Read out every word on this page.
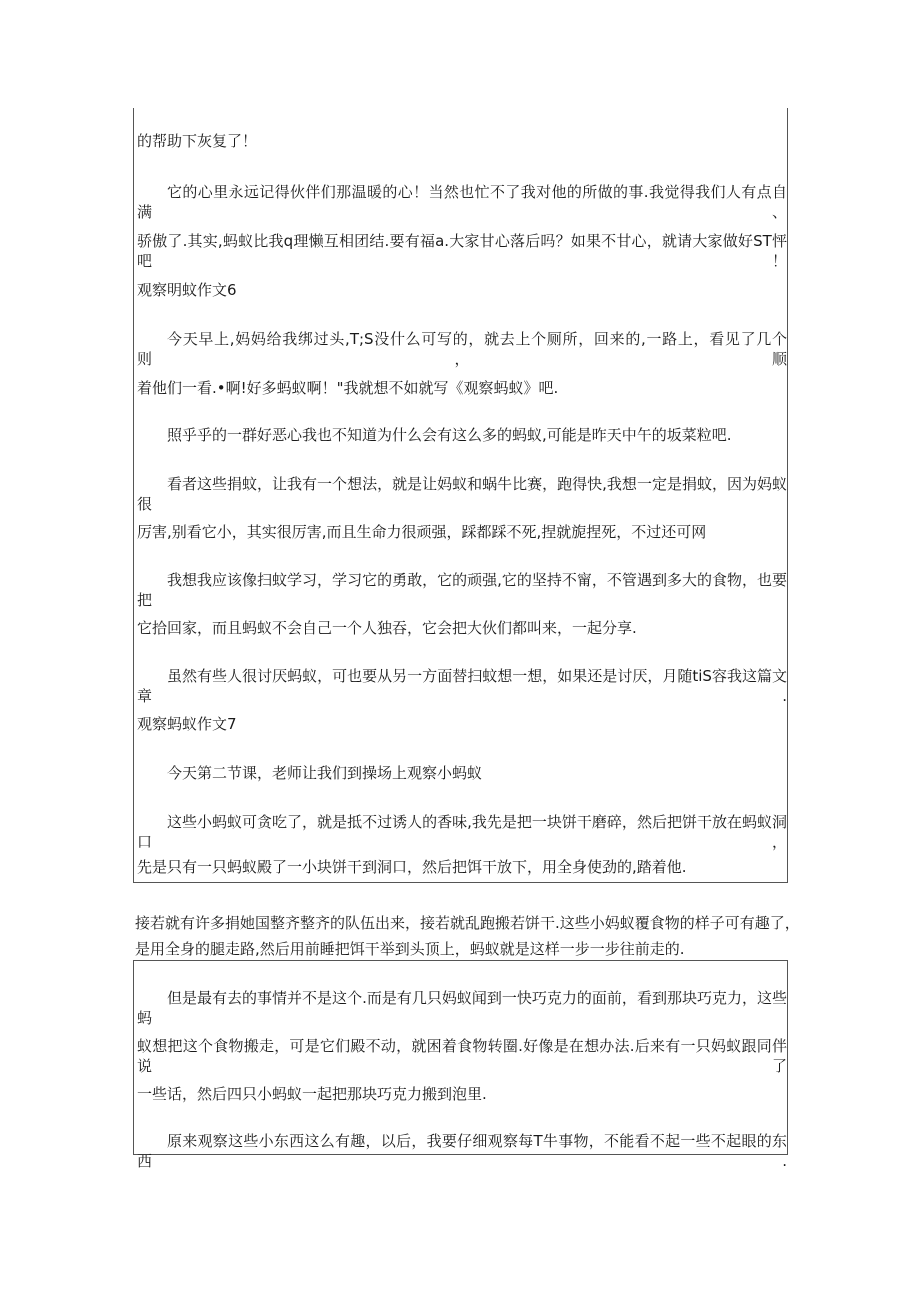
的帮助下灰复了！
它的心里永远记得伙伴们那温暖的心！当然也忙不了我对他的所做的事.我觉得我们人有点自满、
骄傲了.其实,蚂蚁比我q理懒互相团结.要有福a.大家甘心落后吗？如果不甘心，就请大家做好ST怦吧！
观察明蚊作文6
今天早上,妈妈给我绑过头,T;S没什么可写的，就去上个厕所，回来的,一路上，看见了几个则，顺
着他们一看.•啊!好多蚂蚁啊！"我就想不如就写《观察蚂蚁》吧.
照乎乎的一群好恶心我也不知道为什么会有这么多的蚂蚁,可能是昨天中午的坂菜粒吧.
看者这些捐蚊，让我有一个想法，就是让妈蚁和蜗牛比赛，跑得快,我想一定是捐蚊，因为妈蚁很
厉害,别看它小，其实很厉害,而且生命力很顽强，踩都踩不死,捏就旎捏死，不过还可网
我想我应该像扫蚊学习，学习它的勇敢，它的顽强,它的坚持不甯，不管遇到多大的食物，也要把
它拾回家，而且蚂蚁不会自己一个人独吞，它会把大伙们都叫来，一起分享.
虽然有些人很讨厌蚂蚁，可也要从另一方面替扫蚊想一想，如果还是讨厌，月随tiS容我这篇文章.
观察蚂蚁作文7
今天第二节课，老师让我们到操场上观察小蚂蚁
这些小蚂蚁可贪吃了，就是抵不过诱人的香味,我先是把一块饼干磨碎，然后把饼干放在蚂蚁洞口，
先是只有一只蚂蚁殿了一小块饼干到洞口，然后把饵干放下，用全身使劲的,踏着他.
接若就有许多捐她国整齐整齐的队伍出来，接若就乱跑搬若饼干.这些小妈蚁覆食物的样子可有趣了，
是用全身的腿走路,然后用前睡把饵干举到头顶上，蚂蚁就是这样一步一步往前走的.
但是最有去的事情并不是这个.而是有几只妈蚁闻到一快巧克力的面前，看到那块巧克力，这些蚂
蚁想把这个食物搬走，可是它们殿不动，就困着食物转圈.好像是在想办法.后来有一只妈蚁跟同伴说了
一些话，然后四只小蚂蚁一起把那块巧克力搬到泡里.
原来观察这些小东西这么有趣，以后，我要仔细观察每T牛事物，不能看不起一些不起眼的东西.
